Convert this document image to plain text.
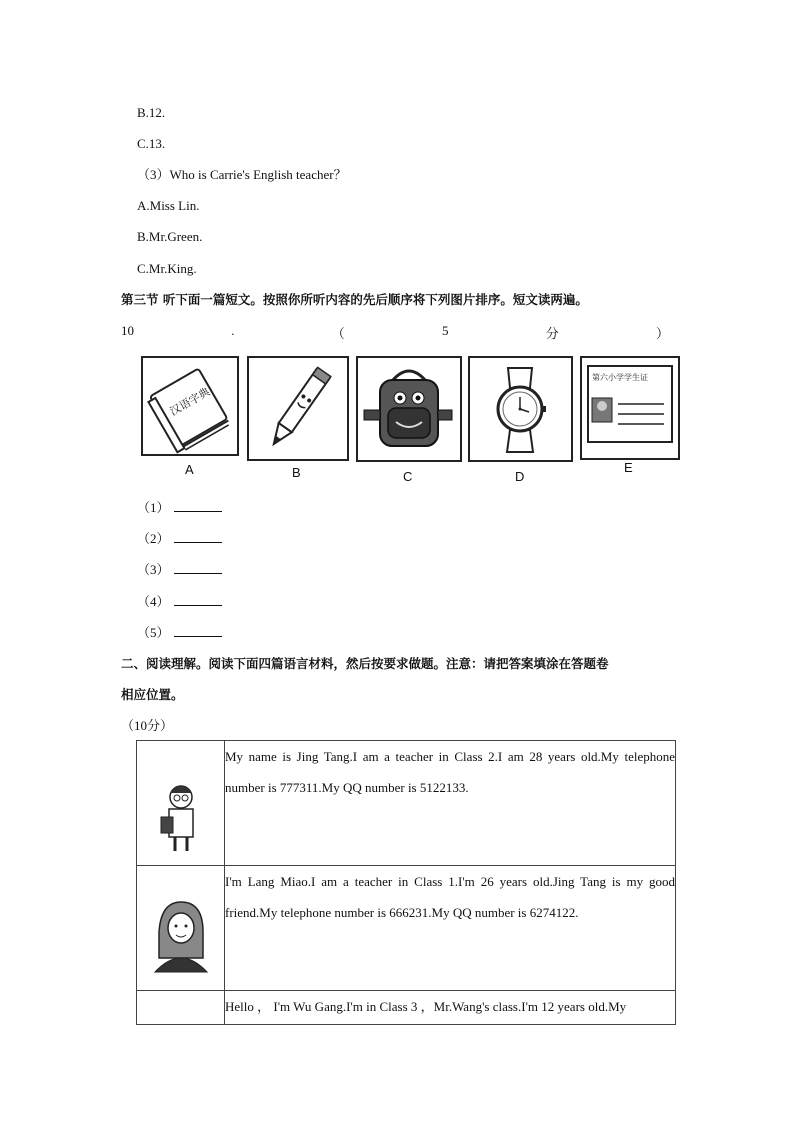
B.12.
C.13.
（3）Who is Carrie's English teacher？
A.Miss Lin.
B.Mr.Green.
C.Mr.King.
第三节 听下面一篇短文。按照你所听内容的先后顺序将下列图片排序。短文读两遍。
10	.	（	5	分	）
汉语字典
A	B	C	D
第六小学学生证
E
（1）
（2）
（3）
（4）
（5）
二、阅读理解。阅读下面四篇语言材料，然后按要求做题。注意：请把答案填涂在答题卷
相应位置。
（10分）
	My name is Jing Tang.I am a teacher in Class 2.I am 28 years old.My telephone number is 777311.My QQ number is 5122133.
	I'm Lang Miao.I am a teacher in Class 1.I'm 26 years old.Jing Tang is my good friend.My telephone number is 666231.My QQ number is 6274122.
	Hello ， I'm Wu Gang.I'm in Class 3 ，Mr.Wang's class.I'm 12 years old.My
